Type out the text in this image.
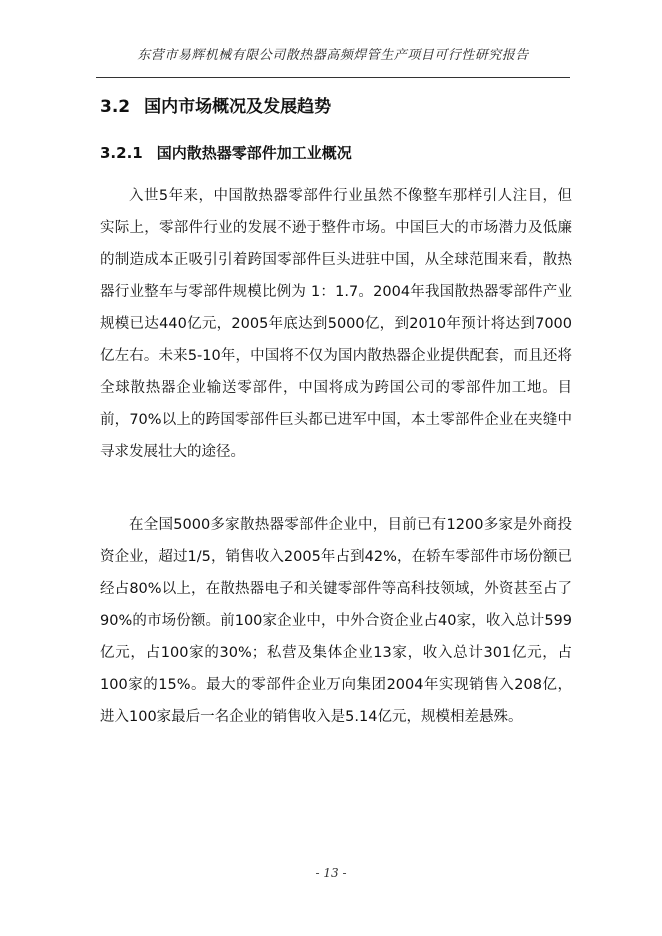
东营市易辉机械有限公司散热器高频焊管生产项目可行性研究报告
3.2 国内市场概况及发展趋势
3.2.1 国内散热器零部件加工业概况

入世5年来，中国散热器零部件行业虽然不像整车那样引人注目，但实际上，零部件行业的发展不逊于整件市场。中国巨大的市场潜力及低廉的制造成本正吸引引着跨国零部件巨头进驻中国，从全球范围来看，散热器行业整车与零部件规模比例为 1：1.7。2004年我国散热器零部件产业规模已达440亿元，2005年底达到5000亿，到2010年预计将达到7000亿左右。未来5-10年，中国将不仅为国内散热器企业提供配套，而且还将全球散热器企业输送零部件，中国将成为跨国公司的零部件加工地。目前，70%以上的跨国零部件巨头都已进军中国，本土零部件企业在夹缝中寻求发展壮大的途径。

在全国5000多家散热器零部件企业中，目前已有1200多家是外商投资企业，超过1/5，销售收入2005年占到42%，在轿车零部件市场份额已经占80%以上，在散热器电子和关键零部件等高科技领域，外资甚至占了90%的市场份额。前100家企业中，中外合资企业占40家，收入总计599亿元，占100家的30%；私营及集体企业13家，收入总计301亿元，占100家的15%。最大的零部件企业万向集团2004年实现销售入208亿，进入100家最后一名企业的销售收入是5.14亿元，规模相差悬殊。

- 13 -
